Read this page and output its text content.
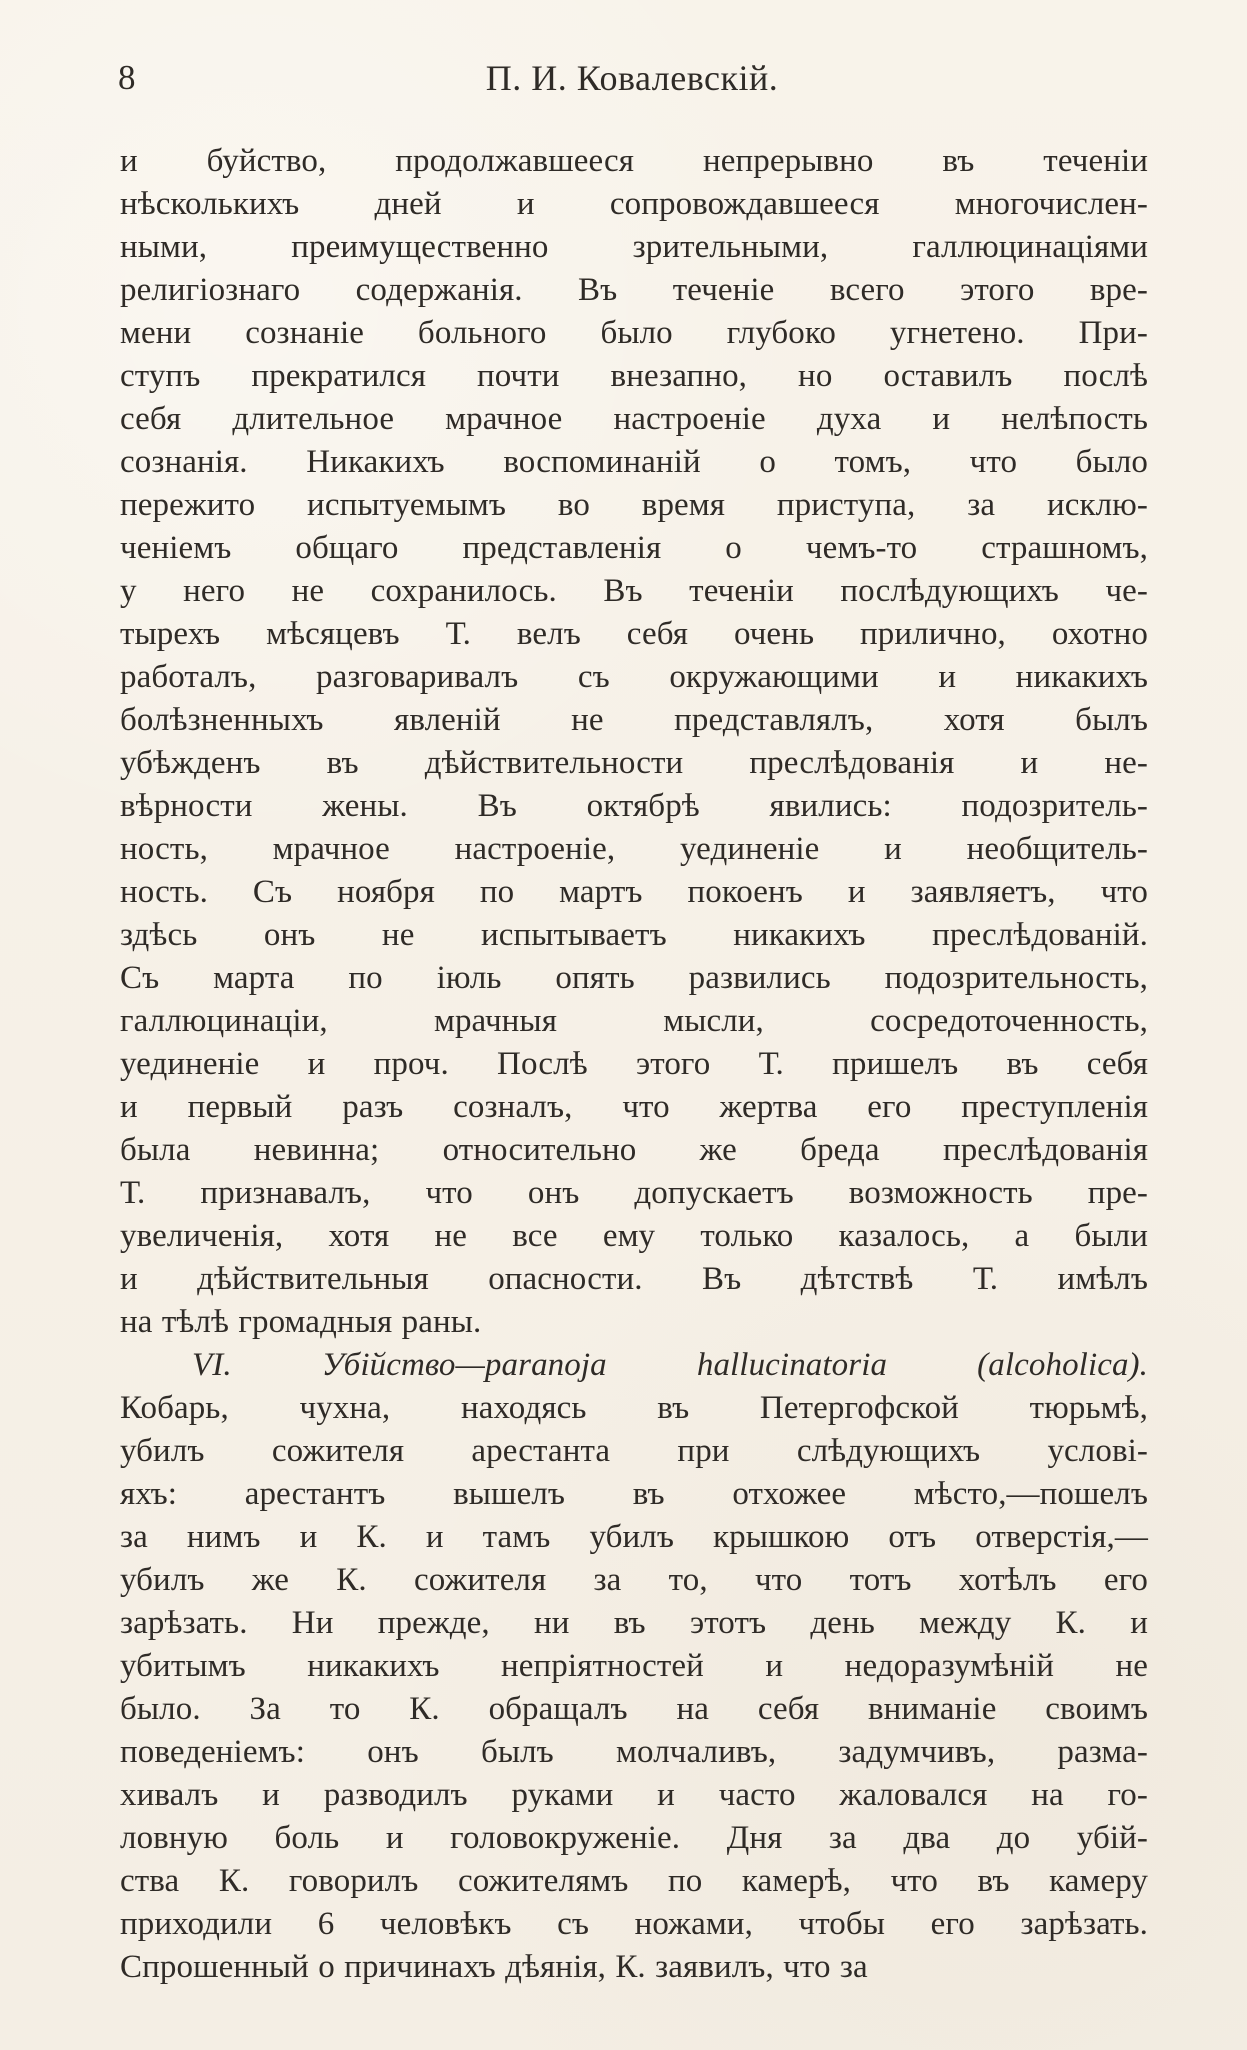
8	П. И. Ковалевскій.
и буйство, продолжавшееся непрерывно въ теченіи
нѣсколькихъ дней и сопровождавшееся многочислен-
ными, преимущественно зрительными, галлюцинаціями
религіознаго содержанія. Въ теченіе всего этого вре-
мени сознаніе больного было глубоко угнетено. При-
ступъ прекратился почти внезапно, но оставилъ послѣ
себя длительное мрачное настроеніе духа и нелѣпость
сознанія. Никакихъ воспоминаній о томъ, что было
пережито испытуемымъ во время приступа, за исклю-
ченіемъ общаго представленія о чемъ-то страшномъ,
у него не сохранилось. Въ теченіи послѣдующихъ че-
тырехъ мѣсяцевъ Т. велъ себя очень прилично, охотно
работалъ, разговаривалъ съ окружающими и никакихъ
болѣзненныхъ явленій не представлялъ, хотя былъ
убѣжденъ въ дѣйствительности преслѣдованія и не-
вѣрности жены. Въ октябрѣ явились: подозритель-
ность, мрачное настроеніе, уединеніе и необщитель-
ность. Съ ноября по мартъ покоенъ и заявляетъ, что
здѣсь онъ не испытываетъ никакихъ преслѣдованій.
Съ марта по іюль опять развились подозрительность,
галлюцинаціи, мрачныя мысли, сосредоточенность,
уединеніе и проч. Послѣ этого Т. пришелъ въ себя
и первый разъ созналъ, что жертва его преступленія
была невинна; относительно же бреда преслѣдованія
Т. признавалъ, что онъ допускаетъ возможность пре-
увеличенія, хотя не все ему только казалось, а были
и дѣйствительныя опасности. Въ дѣтствѣ Т. имѣлъ
на тѣлѣ громадныя раны.
VI. Убійство—paranoja hallucinatoria (alcoholica).
Кобарь, чухна, находясь въ Петергофской тюрьмѣ,
убилъ сожителя арестанта при слѣдующихъ услові-
яхъ: арестантъ вышелъ въ отхожее мѣсто,—пошелъ
за нимъ и К. и тамъ убилъ крышкою отъ отверстія,—
убилъ же К. сожителя за то, что тотъ хотѣлъ его
зарѣзать. Ни прежде, ни въ этотъ день между К. и
убитымъ никакихъ непріятностей и недоразумѣній не
было. За то К. обращалъ на себя вниманіе своимъ
поведеніемъ: онъ былъ молчаливъ, задумчивъ, разма-
хивалъ и разводилъ руками и часто жаловался на го-
ловную боль и головокруженіе. Дня за два до убій-
ства К. говорилъ сожителямъ по камерѣ, что въ камеру
приходили 6 человѣкъ съ ножами, чтобы его зарѣзать.
Спрошенный о причинахъ дѣянія, К. заявилъ, что за
